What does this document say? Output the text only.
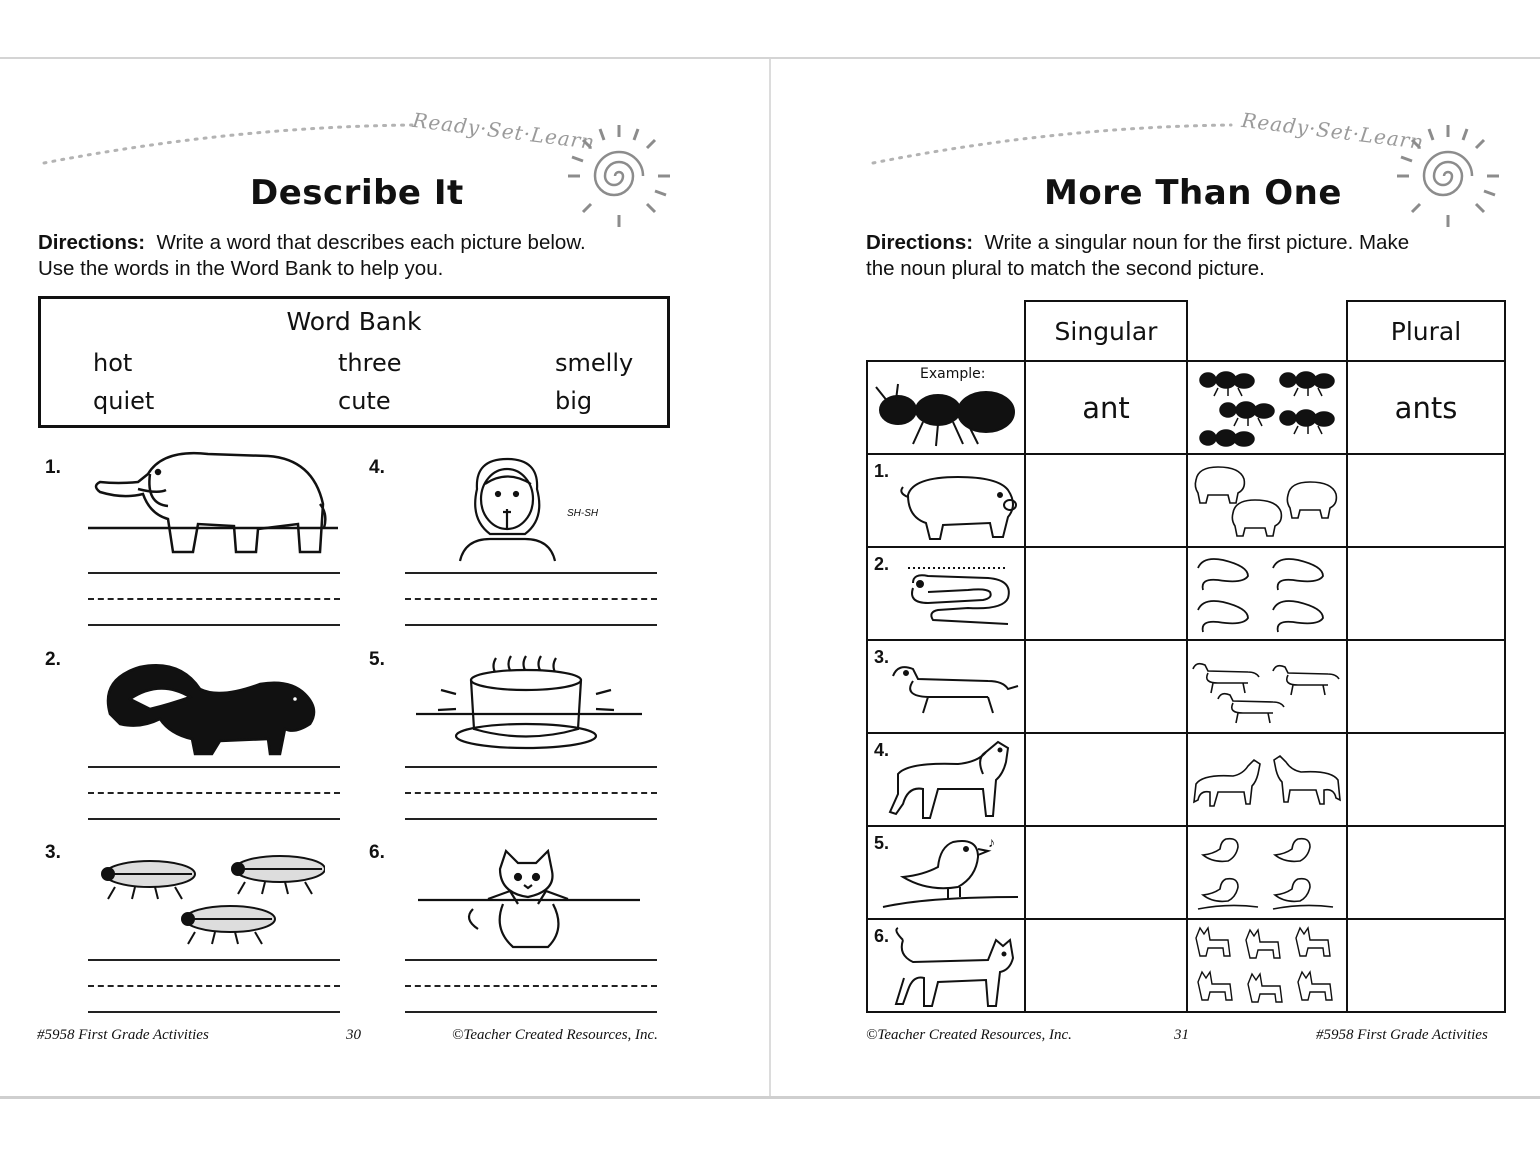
Ready·Set·Learn
Describe It
Directions: Write a word that describes each picture below.
Use the words in the Word Bank to help you.
Word Bank
hot	three	smelly
quiet	cute	big
1.
2.
3.
4.
SH-SH
5.
6.
#5958 First Grade Activities	30	©Teacher Created Resources, Inc.
Ready·Set·Learn
More Than One
Directions: Write a singular noun for the first picture. Make
the noun plural to match the second picture.
	Singular		Plural

Example:	ant		ants

1.

2.

3.

4.

5. ♪

6.

©Teacher Created Resources, Inc.	31	#5958 First Grade Activities
